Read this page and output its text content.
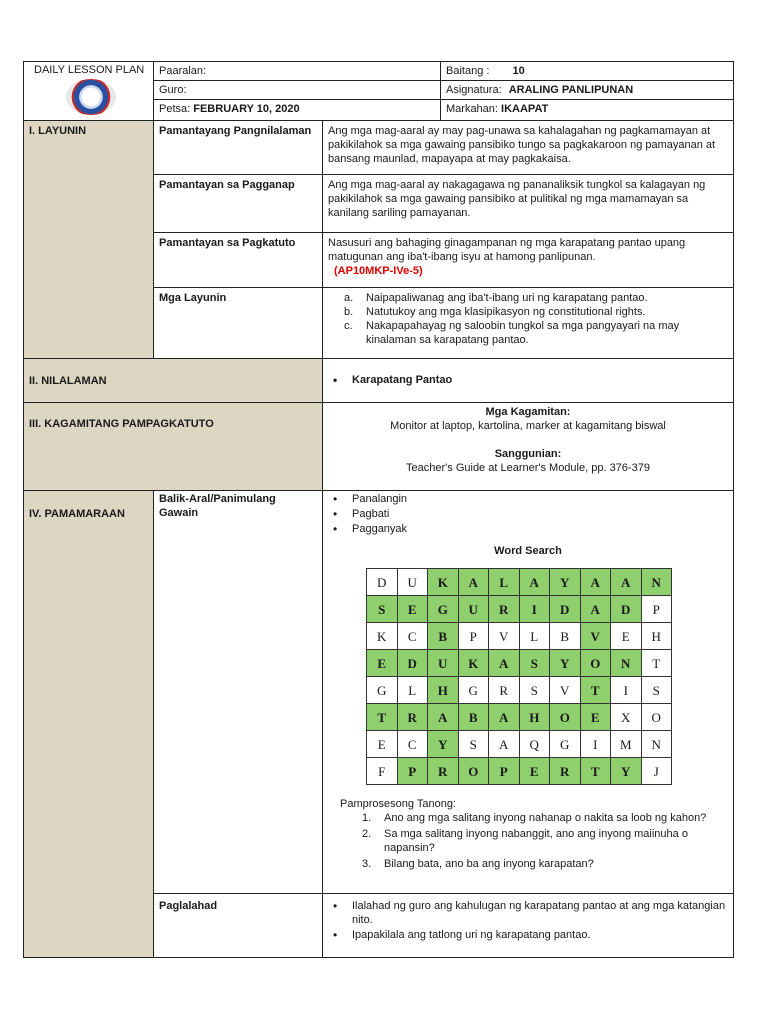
DAILY LESSON PLAN	Paaralan:	Baitang : 10
Guro:	Asignatura: ARALING PANLIPUNAN
Petsa: FEBRUARY 10, 2020	Markahan: IKAAPAT
I. LAYUNIN	Pamantayang Pangnilalaman	Ang mga mag-aaral ay may pag-unawa sa kahalagahan ng pagkamamayan at pakikilahok sa mga gawaing pansibiko tungo sa pagkakaroon ng pamayanan at bansang maunlad, mapayapa at may pagkakaisa.
Pamantayan sa Pagganap	Ang mga mag-aaral ay nakagagawa ng pananaliksik tungkol sa kalagayan ng pakikilahok sa mga gawaing pansibiko at pulitikal ng mga mamamayan sa kanilang sariling pamayanan.
Pamantayan sa Pagkatuto	Nasusuri ang bahaging ginagampanan ng mga karapatang pantao upang matugunan ang iba't-ibang isyu at hamong panlipunan.
(AP10MKP-IVe-5)

Mga Layunin	a. Naipapaliwanag ang iba't-ibang uri ng karapatang pantao.
b. Natutukoy ang mga klasipikasyon ng constitutional rights.
c. Nakapapahayag ng saloobin tungkol sa mga pangyayari na may kinalaman sa karapatang pantao.

II. NILALAMAN	
•Karapatang Pantao

III. KAGAMITANG PAMPAGKATUTO	
Mga Kagamitan:
Monitor at laptop, kartolina, marker at kagamitang biswal
Sanggunian:
Teacher's Guide at Learner's Module, pp. 376-379

IV. PAMAMARAAN	Balik-Aral/Panimulang Gawain	
• Panalangin
• Pagbati
• Pagganyak
Word Search
D	U	K	A	L	A	Y	A	A	N
S	E	G	U	R	I	D	A	D	P
K	C	B	P	V	L	B	V	E	H
E	D	U	K	A	S	Y	O	N	T
G	L	H	G	R	S	V	T	I	S
T	R	A	B	A	H	O	E	X	O
E	C	Y	S	A	Q	G	I	M	N
F	P	R	O	P	E	R	T	Y	J
Pamprosesong Tanong:
1. Ano ang mga salitang inyong nahanap o nakita sa loob ng kahon?
2. Sa mga salitang inyong nabanggit, ano ang inyong maiinuha o napansin?
3. Bilang bata, ano ba ang inyong karapatan?

Paglalahad	
•Ilalahad ng guro ang kahulugan ng karapatang pantao at ang mga katangian nito.
• Ipapakilala ang tatlong uri ng karapatang pantao.
